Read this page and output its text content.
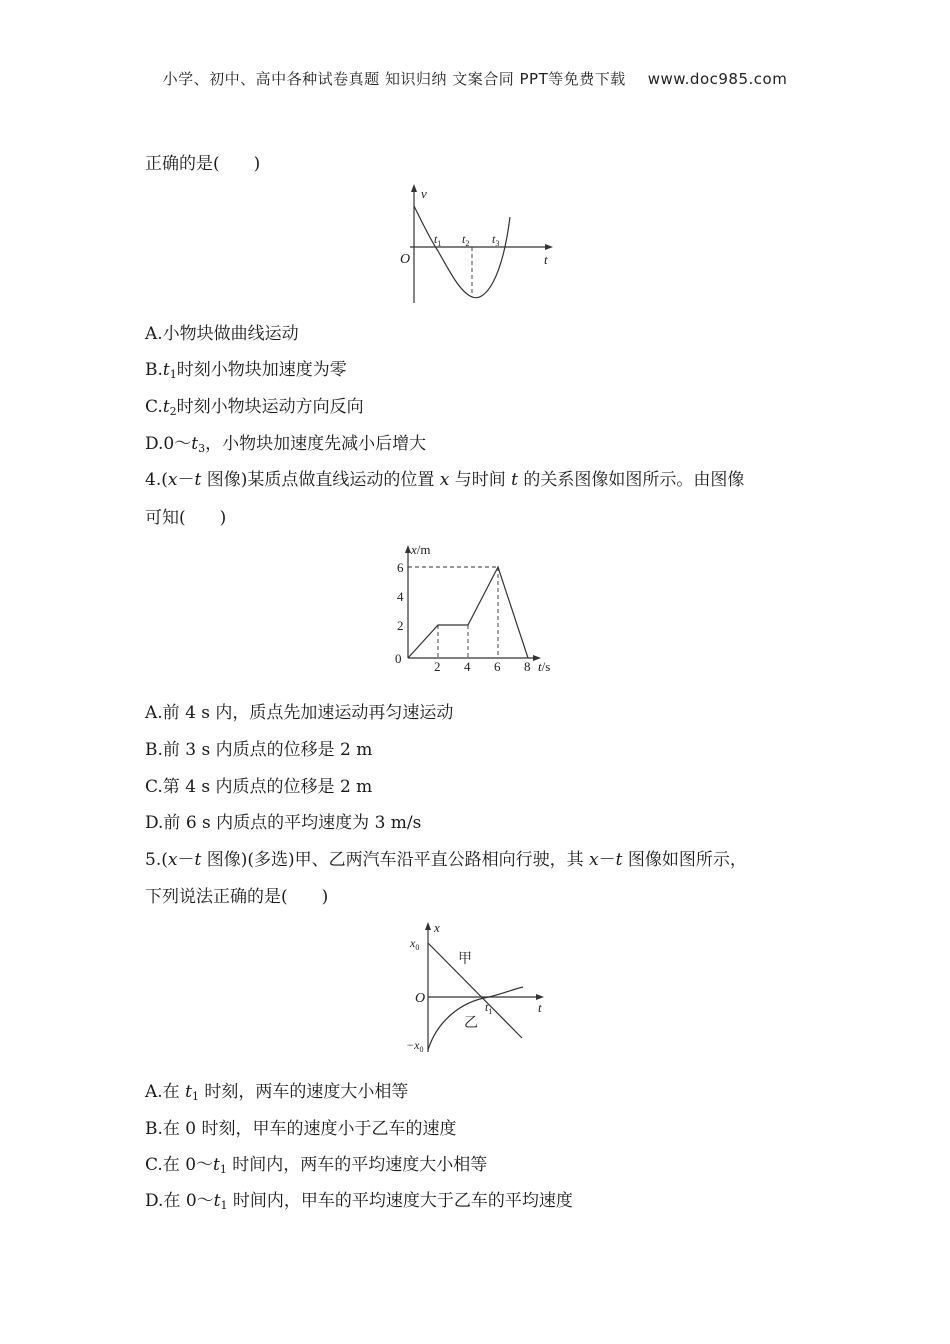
小学、初中、高中各种试卷真题 知识归纳 文案合同 PPT等免费下载 www.doc985.com
正确的是(　　)
v
O	t
$t_1$ $t_2$ $t_3$
A.小物块做曲线运动
$B.t_1$时刻小物块加速度为零
$C.t_2$时刻小物块运动方向反向
$D.0\sim t_3$，小物块加速度先减小后增大
4.(x－t 图像)某质点做直线运动的位置 x 与时间 t 的关系图像如图所示。由图像
可知(　　)
x/m
0
2
4
6
2 4 6 8 t/s
A.前 4 s 内，质点先加速运动再匀速运动
B.前 3 s 内质点的位移是 2 m
C.第 4 s 内质点的位移是 2 m
D.前 6 s 内质点的平均速度为 3 m/s
5.(x－t 图像)(多选)甲、乙两汽车沿平直公路相向行驶，其 x－t 图像如图所示，
下列说法正确的是(　　)
x
$x_0$
$-x_0$
O
t
$t_1$
甲
乙
A.在 $t_1$ 时刻，两车的速度大小相等
B.在 0 时刻，甲车的速度小于乙车的速度
C.在 $0\sim t_1$ 时间内，两车的平均速度大小相等
D.在 $0\sim t_1$ 时间内，甲车的平均速度大于乙车的平均速度
